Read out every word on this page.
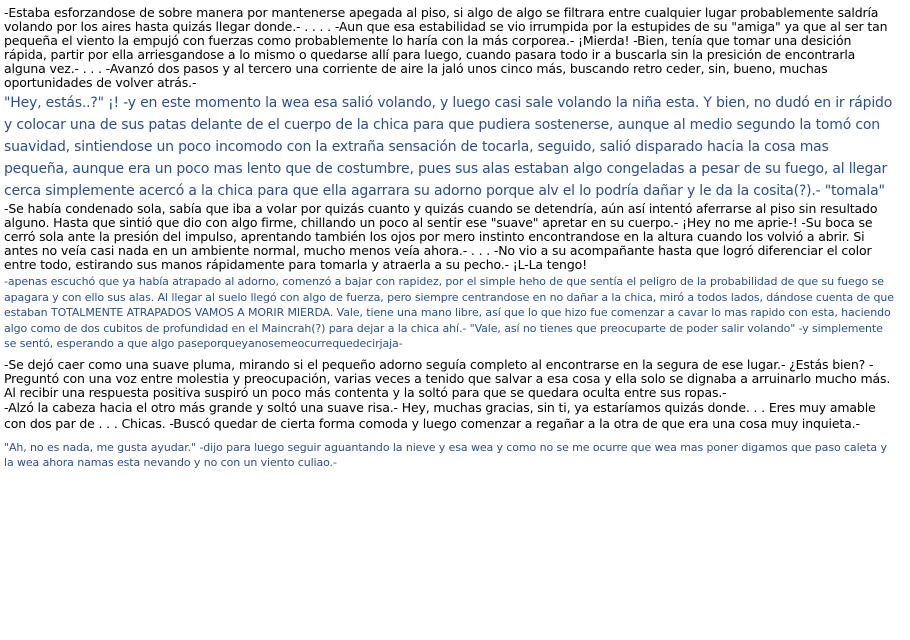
-Estaba esforzandose de sobre manera por mantenerse apegada al piso, si algo de algo se filtrara entre cualquier lugar probablemente saldría volando por los aires hasta quizás llegar donde.- . . . . -Aun que esa estabilidad se vio irrumpida por la estupides de su "amiga" ya que al ser tan pequeña el viento la empujó con fuerzas como probablemente lo haría con la más corporea.- ¡Mierda! -Bien, tenía que tomar una desición rápida, partir por ella arriesgandose a lo mismo o quedarse allí para luego, cuando pasara todo ir a buscarla sin la presición de encontrarla alguna vez.- . . . -Avanzó dos pasos y al tercero una corriente de aire la jaló unos cinco más, buscando retro ceder, sin, bueno, muchas oportunidades de volver atrás.-

"Hey, estás..?" ¡! -y en este momento la wea esa salió volando, y luego casi sale volando la niña esta. Y bien, no dudó en ir rápido y colocar una de sus patas delante de el cuerpo de la chica para que pudiera sostenerse, aunque al medio segundo la tomó con suavidad, sintiendose un poco incomodo con la extraña sensación de tocarla, seguido, salió disparado hacia la cosa mas pequeña, aunque era un poco mas lento que de costumbre, pues sus alas estaban algo congeladas a pesar de su fuego, al llegar cerca simplemente acercó a la chica para que ella agarrara su adorno porque alv el lo podría dañar y le da la cosita(?).- "tomala"

-Se había condenado sola, sabía que iba a volar por quizás cuanto y quizás cuando se detendría, aún así intentó aferrarse al piso sin resultado alguno. Hasta que sintió que dio con algo firme, chillando un poco al sentir ese "suave" apretar en su cuerpo.- ¡Hey no me aprie-! -Su boca se cerró sola ante la presión del impulso, aprentando también los ojos por mero instinto encontrandose en la altura cuando los volvió a abrir. Si antes no veía casi nada en un ambiente normal, mucho menos veía ahora.- . . . -No vio a su acompañante hasta que logró diferenciar el color entre todo, estirando sus manos rápidamente para tomarla y atraerla a su pecho.- ¡L-La tengo!

-apenas escuchó que ya había atrapado al adorno, comenzó a bajar con rapidez, por el simple heho de que sentía el peligro de la probabilidad de que su fuego se apagara y con ello sus alas. Al llegar al suelo llegó con algo de fuerza, pero siempre centrandose en no dañar a la chica, miró a todos lados, dándose cuenta de que estaban TOTALMENTE ATRAPADOS VAMOS A MORIR MIERDA. Vale, tiene una mano libre, así que lo que hizo fue comenzar a cavar lo mas rapido con esta, haciendo algo como de dos cubitos de profundidad en el Maincrah(?) para dejar a la chica ahí.- "Vale, así no tienes que preocuparte de poder salir volando" -y simplemente se sentó, esperando a que algo paseporqueyanosemeocurrequedecirjaja-

-Se dejó caer como una suave pluma, mirando si el pequeño adorno seguía completo al encontrarse en la segura de ese lugar.- ¿Estás bien? -Preguntó con una voz entre molestia y preocupación, varias veces a tenido que salvar a esa cosa y ella solo se dignaba a arruinarlo mucho más. Al recibir una respuesta positiva suspiró un poco más contenta y la soltó para que se quedara oculta entre sus ropas.-

-Alzó la cabeza hacia el otro más grande y soltó una suave risa.- Hey, muchas gracias, sin ti, ya estaríamos quizás donde. . . Eres muy amable con dos par de . . . Chicas. -Buscó quedar de cierta forma comoda y luego comenzar a regañar a la otra de que era una cosa muy inquieta.-

"Ah, no es nada, me gusta ayudar." -dijo para luego seguir aguantando la nieve y esa wea y como no se me ocurre que wea mas poner digamos que paso caleta y la wea ahora namas esta nevando y no con un viento culiao.-
